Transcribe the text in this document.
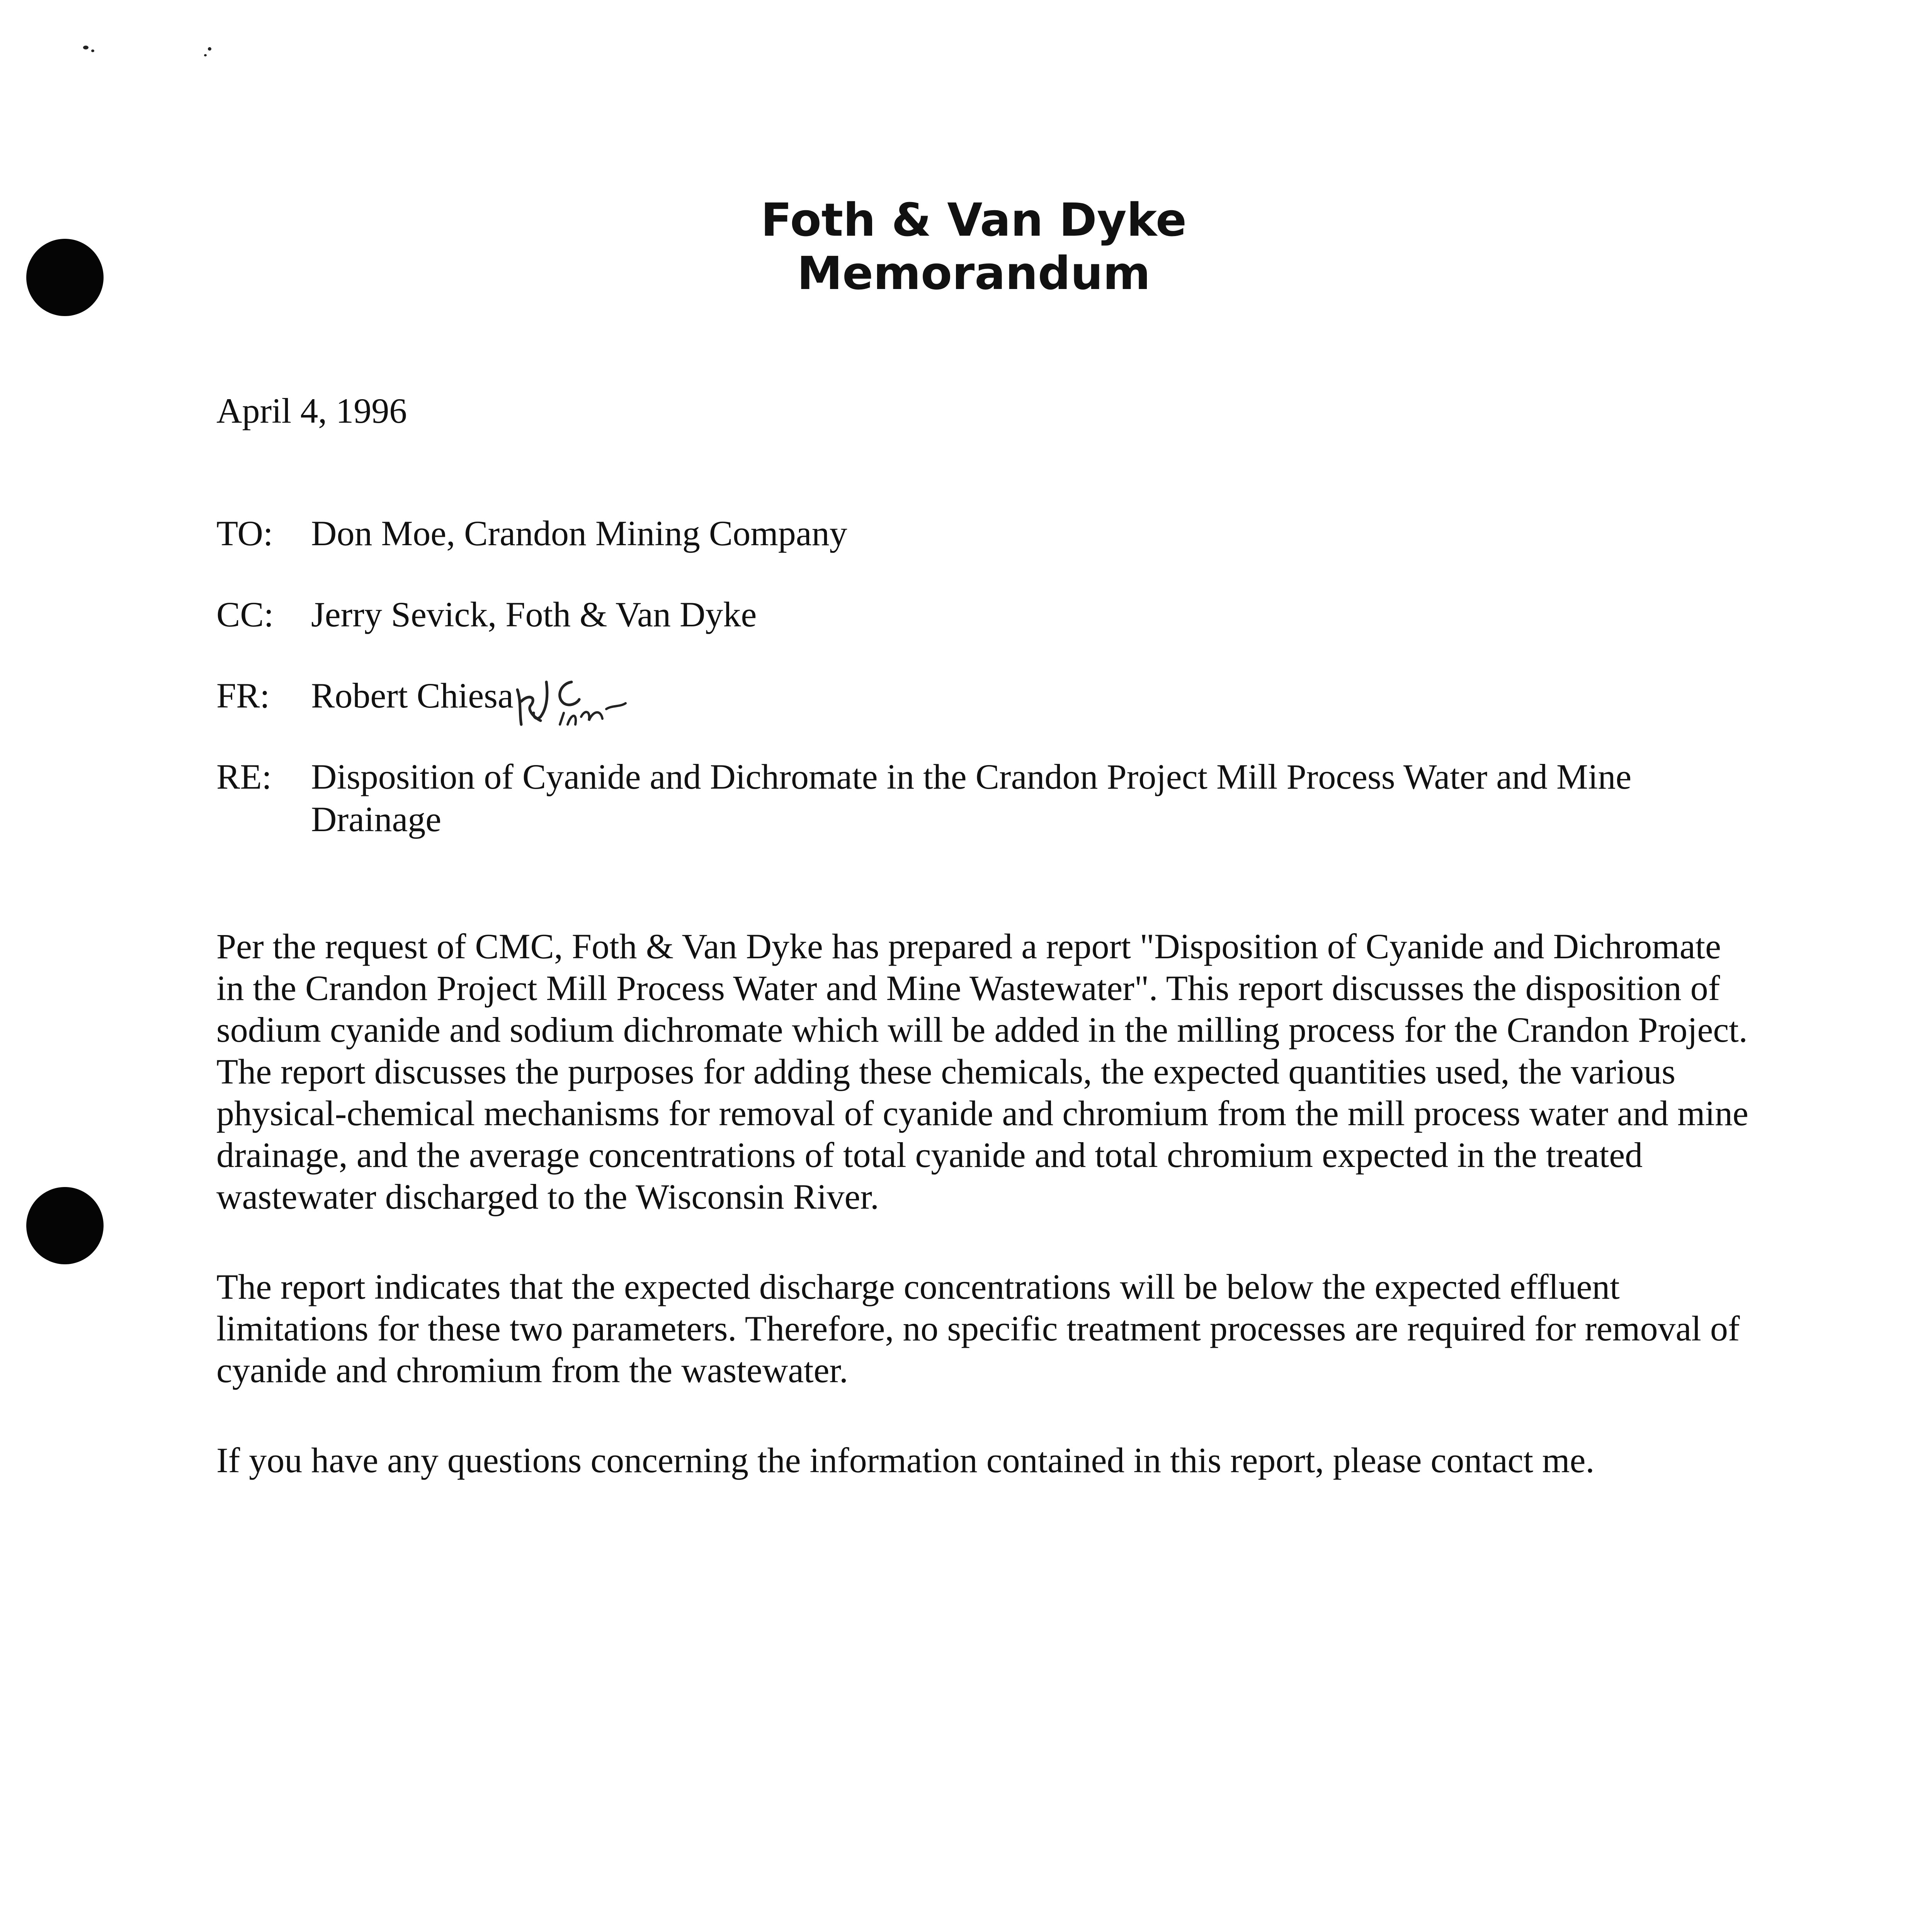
Foth & Van Dyke
Memorandum
April 4, 1996
TO:	Don Moe, Crandon Mining Company
CC:	Jerry Sevick, Foth & Van Dyke
FR:	Robert Chiesa
RE:	Disposition of Cyanide and Dichromate in the Crandon Project Mill Process Water and Mine Drainage

Per the request of CMC, Foth & Van Dyke has prepared a report "Disposition of Cyanide and Dichromate in the Crandon Project Mill Process Water and Mine Wastewater". This report discusses the disposition of sodium cyanide and sodium dichromate which will be added in the milling process for the Crandon Project. The report discusses the purposes for adding these chemicals, the expected quantities used, the various physical-chemical mechanisms for removal of cyanide and chromium from the mill process water and mine drainage, and the average concentrations of total cyanide and total chromium expected in the treated wastewater discharged to the Wisconsin River.

The report indicates that the expected discharge concentrations will be below the expected effluent limitations for these two parameters. Therefore, no specific treatment processes are required for removal of cyanide and chromium from the wastewater.

If you have any questions concerning the information contained in this report, please contact me.
